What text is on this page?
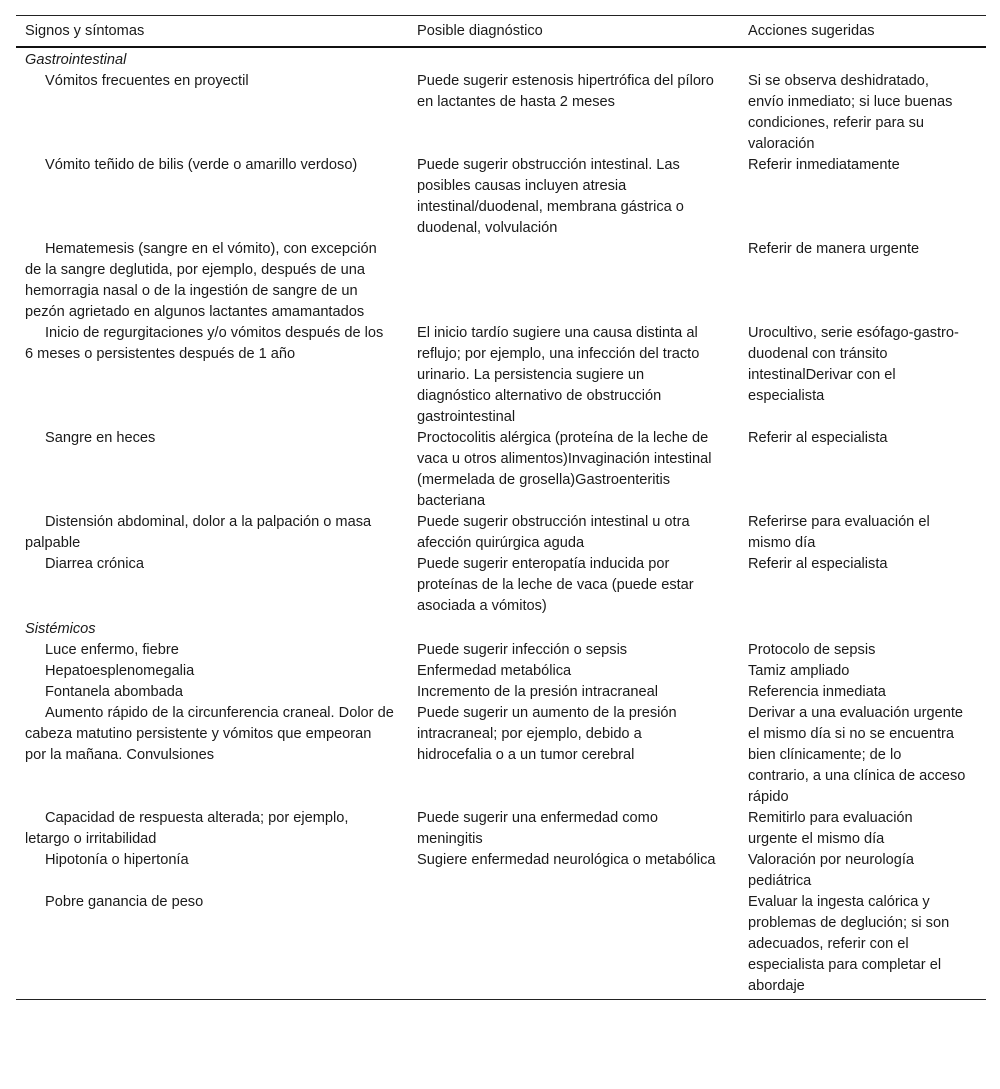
Signos y síntomas	Posible diagnóstico	Acciones sugeridas
Gastrointestinal		
Vómitos frecuentes en proyectil	Puede sugerir estenosis hipertrófica del píloro en lactantes de hasta 2 meses	Si se observa deshidratado, envío inmediato; si luce buenas condiciones, referir para su valoración
Vómito teñido de bilis (verde o amarillo verdoso)	Puede sugerir obstrucción intestinal. Las posibles causas incluyen atresia intestinal/duodenal, membrana gástrica o duodenal, volvulación	Referir inmediatamente
Hematemesis (sangre en el vómito), con excepción de la sangre deglutida, por ejemplo, después de una hemorragia nasal o de la ingestión de sangre de un pezón agrietado en algunos lactantes amamantados		Referir de manera urgente
Inicio de regurgitaciones y/o vómitos después de los 6 meses o persistentes después de 1 año	El inicio tardío sugiere una causa distinta al reflujo; por ejemplo, una infección del tracto urinario. La persistencia sugiere un diagnóstico alternativo de obstrucción gastrointestinal	Urocultivo, serie esófago-gastro-duodenal con tránsito intestinalDerivar con el especialista
Sangre en heces	Proctocolitis alérgica (proteína de la leche de vaca u otros alimentos)Invaginación intestinal (mermelada de grosella)Gastroenteritis bacteriana	Referir al especialista
Distensión abdominal, dolor a la palpación o masa palpable	Puede sugerir obstrucción intestinal u otra afección quirúrgica aguda	Referirse para evaluación el mismo día
Diarrea crónica	Puede sugerir enteropatía inducida por proteínas de la leche de vaca (puede estar asociada a vómitos)	Referir al especialista
Sistémicos		
Luce enfermo, fiebre	Puede sugerir infección o sepsis	Protocolo de sepsis
Hepatoesplenomegalia	Enfermedad metabólica	Tamiz ampliado
Fontanela abombada	Incremento de la presión intracraneal	Referencia inmediata
Aumento rápido de la circunferencia craneal. Dolor de cabeza matutino persistente y vómitos que empeoran por la mañana. Convulsiones	Puede sugerir un aumento de la presión intracraneal; por ejemplo, debido a hidrocefalia o a un tumor cerebral	Derivar a una evaluación urgente el mismo día si no se encuentra bien clínicamente; de lo contrario, a una clínica de acceso rápido
Capacidad de respuesta alterada; por ejemplo, letargo o irritabilidad	Puede sugerir una enfermedad como meningitis	Remitirlo para evaluación urgente el mismo día
Hipotonía o hipertonía	Sugiere enfermedad neurológica o metabólica	Valoración por neurología pediátrica
Pobre ganancia de peso		Evaluar la ingesta calórica y problemas de deglución; si son adecuados, referir con el especialista para completar el abordaje
